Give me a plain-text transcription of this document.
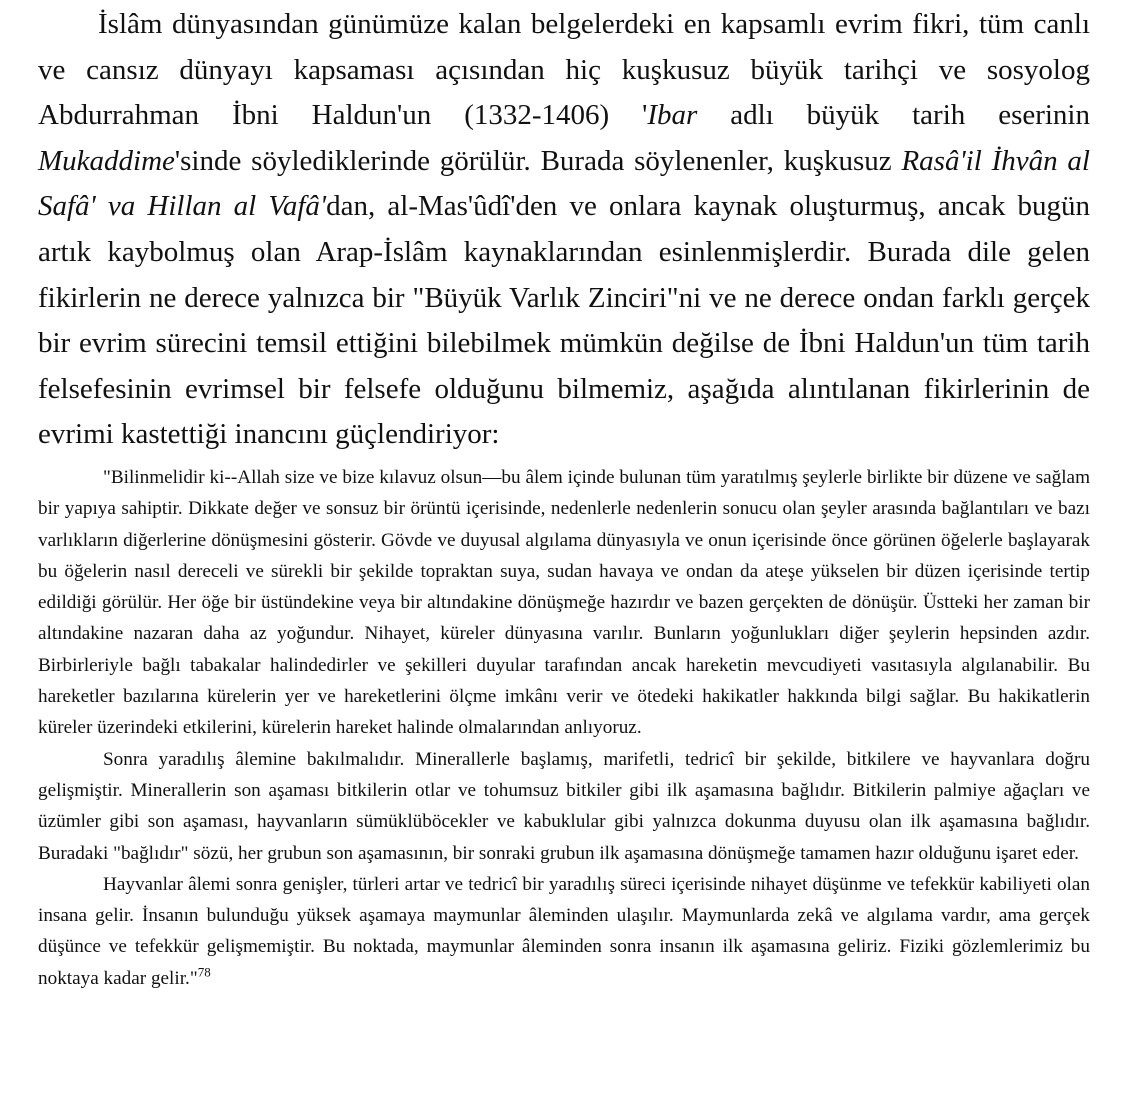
İslâm dünyasından günümüze kalan belgelerdeki en kapsamlı evrim fikri, tüm canlı ve cansız dünyayı kapsaması açısından hiç kuşkusuz büyük tarihçi ve sosyolog Abdurrahman İbni Haldun'un (1332-1406) 'Ibar adlı büyük tarih eserinin Mukaddime'sinde söylediklerinde görülür. Burada söylenenler, kuşkusuz Rasâ'il İhvân al Safâ' va Hillan al Vafâ'dan, al-Mas'ûdî'den ve onlara kaynak oluşturmuş, ancak bugün artık kaybolmuş olan Arap-İslâm kaynaklarından esinlenmişlerdir. Burada dile gelen fikirlerin ne derece yalnızca bir "Büyük Varlık Zinciri"ni ve ne derece ondan farklı gerçek bir evrim sürecini temsil ettiğini bilebilmek mümkün değilse de İbni Haldun'un tüm tarih felsefesinin evrimsel bir felsefe olduğunu bilmemiz, aşağıda alıntılanan fikirlerinin de evrimi kastettiği inancını güçlendiriyor:

"Bilinmelidir ki--Allah size ve bize kılavuz olsun—bu âlem içinde bulunan tüm yaratılmış şeylerle birlikte bir düzene ve sağlam bir yapıya sahiptir. Dikkate değer ve sonsuz bir örüntü içerisinde, nedenlerle nedenlerin sonucu olan şeyler arasında bağlantıları ve bazı varlıkların diğerlerine dönüşmesini gösterir. Gövde ve duyusal algılama dünyasıyla ve onun içerisinde önce görünen öğelerle başlayarak bu öğelerin nasıl dereceli ve sürekli bir şekilde topraktan suya, sudan havaya ve ondan da ateşe yükselen bir düzen içerisinde tertip edildiği görülür. Her öğe bir üstündekine veya bir altındakine dönüşmeğe hazırdır ve bazen gerçekten de dönüşür. Üstteki her zaman bir altındakine nazaran daha az yoğundur. Nihayet, küreler dünyasına varılır. Bunların yoğunlukları diğer şeylerin hepsinden azdır. Birbirleriyle bağlı tabakalar halindedirler ve şekilleri duyular tarafından ancak hareketin mevcudiyeti vasıtasıyla algılanabilir. Bu hareketler bazılarına kürelerin yer ve hareketlerini ölçme imkânı verir ve ötedeki hakikatler hakkında bilgi sağlar. Bu hakikatlerin küreler üzerindeki etkilerini, kürelerin hareket halinde olmalarından anlıyoruz.

Sonra yaradılış âlemine bakılmalıdır. Minerallerle başlamış, marifetli, tedricî bir şekilde, bitkilere ve hayvanlara doğru gelişmiştir. Minerallerin son aşaması bitkilerin otlar ve tohumsuz bitkiler gibi ilk aşamasına bağlıdır. Bitkilerin palmiye ağaçları ve üzümler gibi son aşaması, hayvanların sümüklüböcekler ve kabuklular gibi yalnızca dokunma duyusu olan ilk aşamasına bağlıdır. Buradaki "bağlıdır" sözü, her grubun son aşamasının, bir sonraki grubun ilk aşamasına dönüşmeğe tamamen hazır olduğunu işaret eder.

Hayvanlar âlemi sonra genişler, türleri artar ve tedricî bir yaradılış süreci içerisinde nihayet düşünme ve tefekkür kabiliyeti olan insana gelir. İnsanın bulunduğu yüksek aşamaya maymunlar âleminden ulaşılır. Maymunlarda zekâ ve algılama vardır, ama gerçek düşünce ve tefekkür gelişmemiştir. Bu noktada, maymunlar âleminden sonra insanın ilk aşamasına geliriz. Fiziki gözlemlerimiz bu noktaya kadar gelir."$^{78}$
